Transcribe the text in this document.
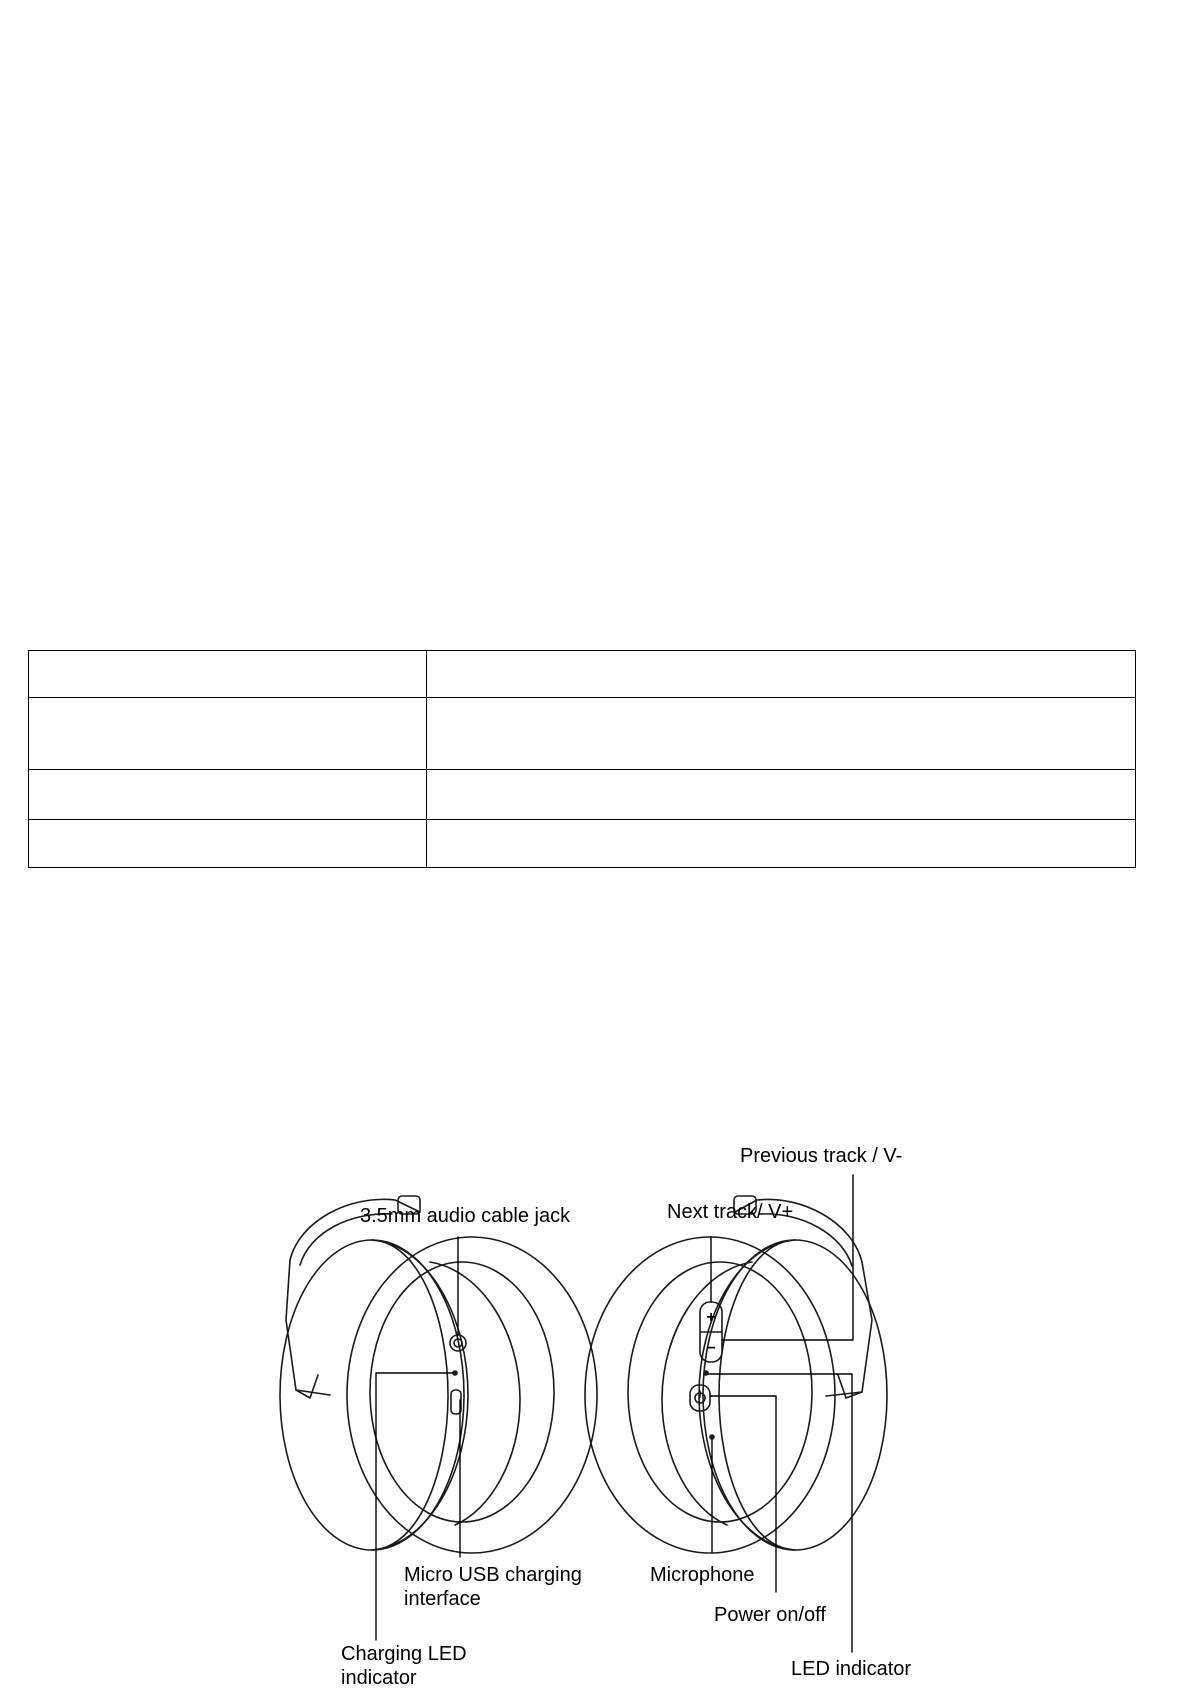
+
−
Previous track / V-
3.5mm audio cable jack	Next track/ V+
Micro USB charging
interface
Microphone
Power on/off
Charging LED
indicator	LED indicator
